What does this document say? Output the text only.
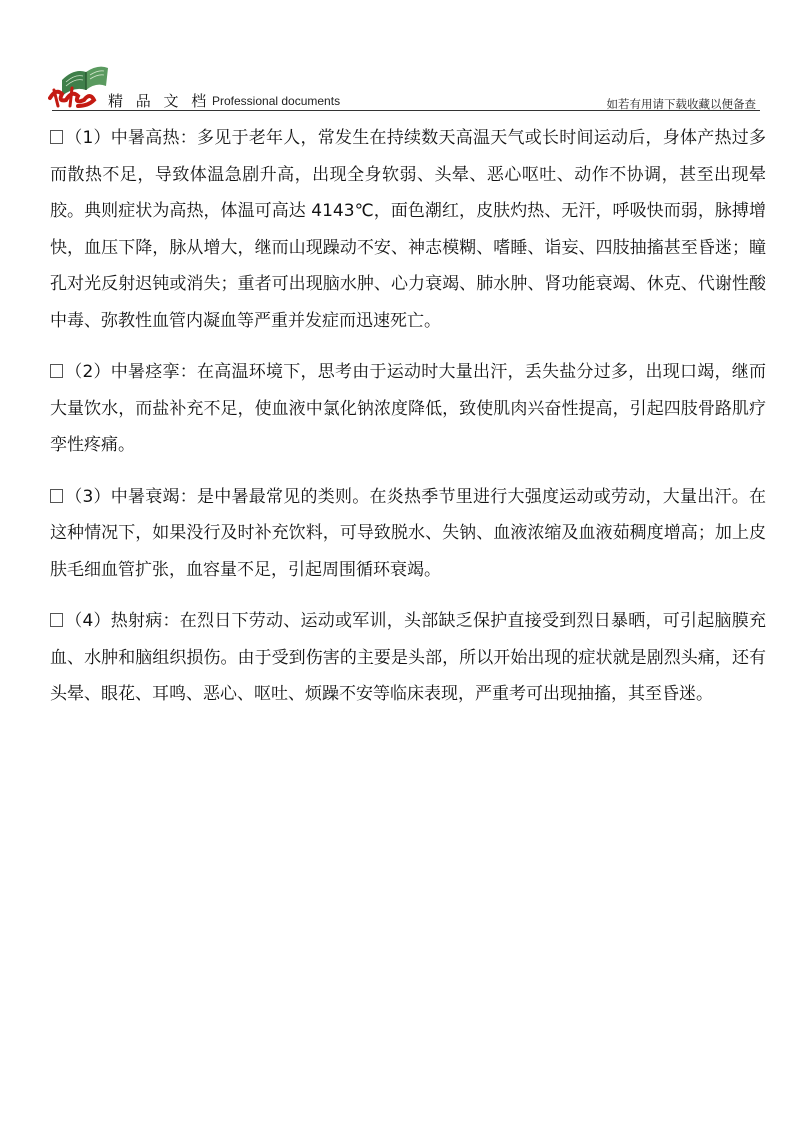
精 品 文 档 Professional documents	如若有用请下载收藏以便备查

（1）中暑高热：多见于老年人，常发生在持续数天高温天气或长时间运动后，身体产热过多而散热不足，导致体温急剧升高，出现全身软弱、头晕、恶心呕吐、动作不协调，甚至出现晕胶。典则症状为高热，体温可高达 4143℃，面色潮红，皮肤灼热、无汗，呼吸快而弱，脉搏增快，血压下降，脉从增大，继而山现躁动不安、神志模糊、嗜睡、诣妄、四肢抽搐甚至昏迷；瞳孔对光反射迟钝或消失；重者可出现脑水肿、心力衰竭、肺水肿、肾功能衰竭、休克、代谢性酸中毒、弥教性血管内凝血等严重并发症而迅速死亡。

（2）中暑痉挛：在高温环境下，思考由于运动时大量出汗，丢失盐分过多，出现口竭，继而大量饮水，而盐补充不足，使血液中氯化钠浓度降低，致使肌肉兴奋性提高，引起四肢骨路肌疗孪性疼痛。

（3）中暑衰竭：是中暑最常见的类则。在炎热季节里进行大强度运动或劳动，大量出汗。在这种情况下，如果没行及时补充饮料，可导致脱水、失钠、血液浓缩及血液茹稠度增高；加上皮肤毛细血管扩张，血容量不足，引起周围循环衰竭。

（4）热射病：在烈日下劳动、运动或军训，头部缺乏保护直接受到烈日暴晒，可引起脑膜充血、水肿和脑组织损伤。由于受到伤害的主要是头部，所以开始出现的症状就是剧烈头痛，还有头晕、眼花、耳鸣、恶心、呕吐、烦躁不安等临床表现，严重考可出现抽搐，其至昏迷。
